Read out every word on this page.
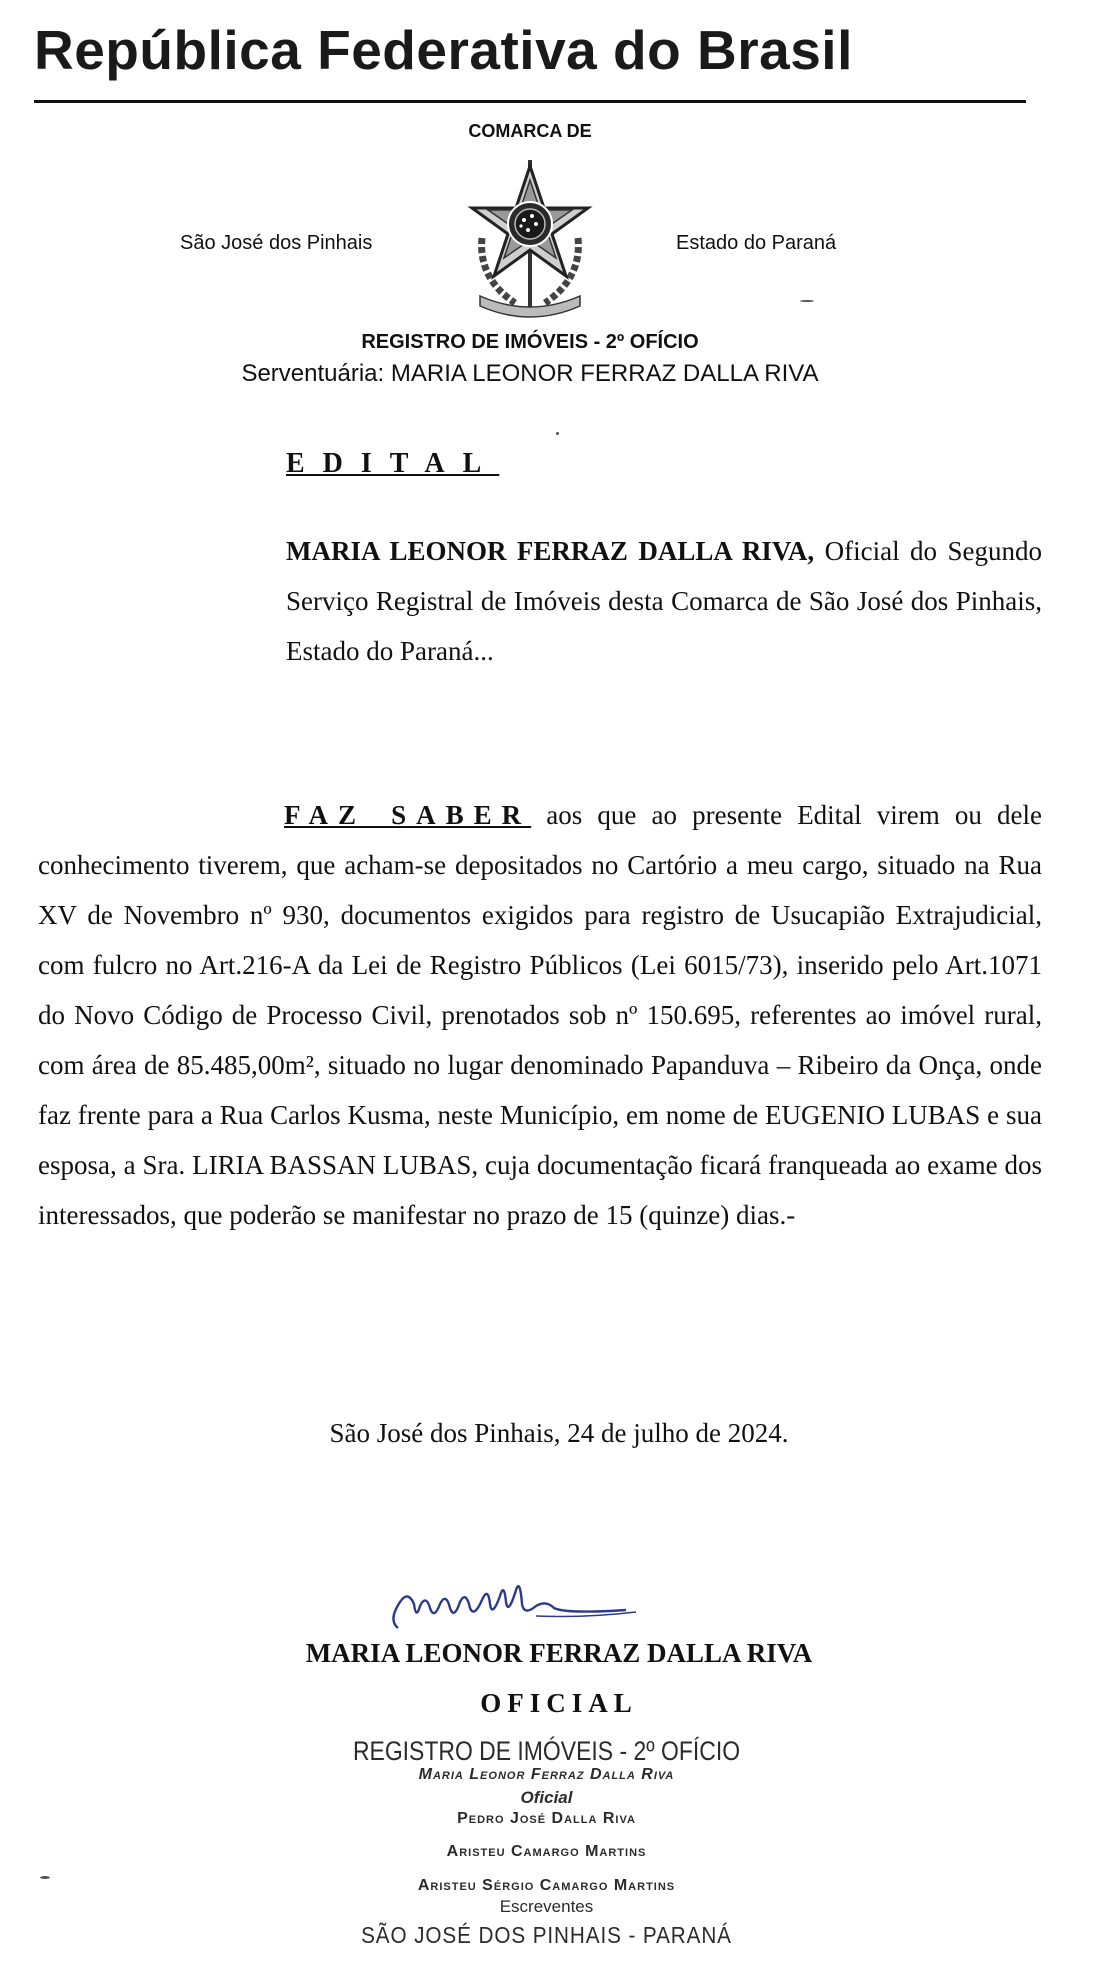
República Federativa do Brasil
COMARCA DE
São José dos Pinhais	Estado do Paraná
REGISTRO DE IMÓVEIS - 2º OFÍCIO
Serventuária: MARIA LEONOR FERRAZ DALLA RIVA
EDITAL
MARIA LEONOR FERRAZ DALLA RIVA, Oficial do Segundo Serviço Registral de Imóveis desta Comarca de São José dos Pinhais, Estado do Paraná...
FAZ SABER aos que ao presente Edital virem ou dele conhecimento tiverem, que acham-se depositados no Cartório a meu cargo, situado na Rua XV de Novembro nº 930, documentos exigidos para registro de Usucapião Extrajudicial, com fulcro no Art.216-A da Lei de Registro Públicos (Lei 6015/73), inserido pelo Art.1071 do Novo Código de Processo Civil, prenotados sob nº 150.695, referentes ao imóvel rural, com área de 85.485,00m², situado no lugar denominado Papanduva – Ribeiro da Onça, onde faz frente para a Rua Carlos Kusma, neste Município, em nome de EUGENIO LUBAS e sua esposa, a Sra. LIRIA BASSAN LUBAS, cuja documentação ficará franqueada ao exame dos interessados, que poderão se manifestar no prazo de 15 (quinze) dias.-
São José dos Pinhais, 24 de julho de 2024.
MARIA LEONOR FERRAZ DALLA RIVA
OFICIAL
REGISTRO DE IMÓVEIS - 2º OFÍCIO
Maria Leonor Ferraz Dalla Riva
Oficial
Pedro José Dalla Riva
Aristeu Camargo Martins
Aristeu Sérgio Camargo Martins
Escreventes
SÃO JOSÉ DOS PINHAIS - PARANÁ
